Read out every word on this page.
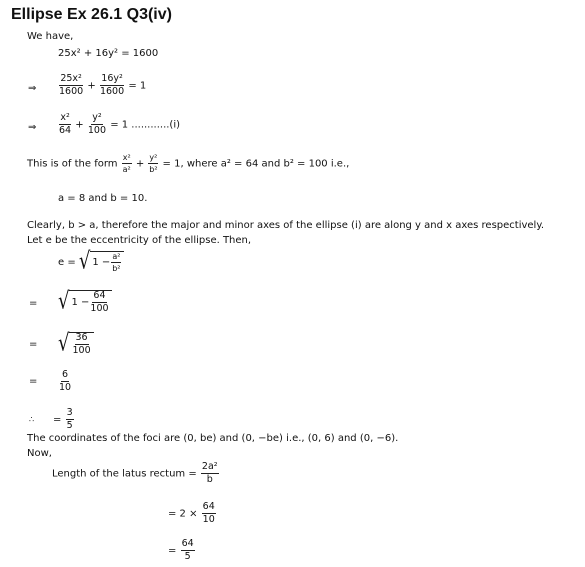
Ellipse Ex 26.1 Q3(iv)
We have,
25x² + 16y² = 1600
⇒ $\frac{\text{25x²}}{1600} + \frac{\text{16y²}}{1600} = 1$
⇒ $\frac{\text{x²}}{64} + \frac{\text{y²}}{100} = 1$ ............(i)
This is of the form $\frac{\text{x²}}{\text{a²}} + \frac{\text{y²}}{\text{b²}} = 1$, where a² = 64 and b² = 100 i.e.,
a = 8 and b = 10.
Clearly, b > a, therefore the major and minor axes of the ellipse (i) are along y and x axes respectively.
Let e be the eccentricity of the ellipse. Then,
e = √ $1 - \frac{\text{a²}}{\text{b²}}$
= √ $1 - \frac{64}{100}$
= √ $\frac{36}{100}$
= $\frac{6}{10}$
∴ = $\frac{3}{5}$
The coordinates of the foci are (0, be) and (0, −be) i.e., (0, 6) and (0, −6).
Now,
Length of the latus rectum = $\frac{\text{2a²}}{b}$
= $2 \times \frac{64}{10}$
= $\frac{64}{5}$
